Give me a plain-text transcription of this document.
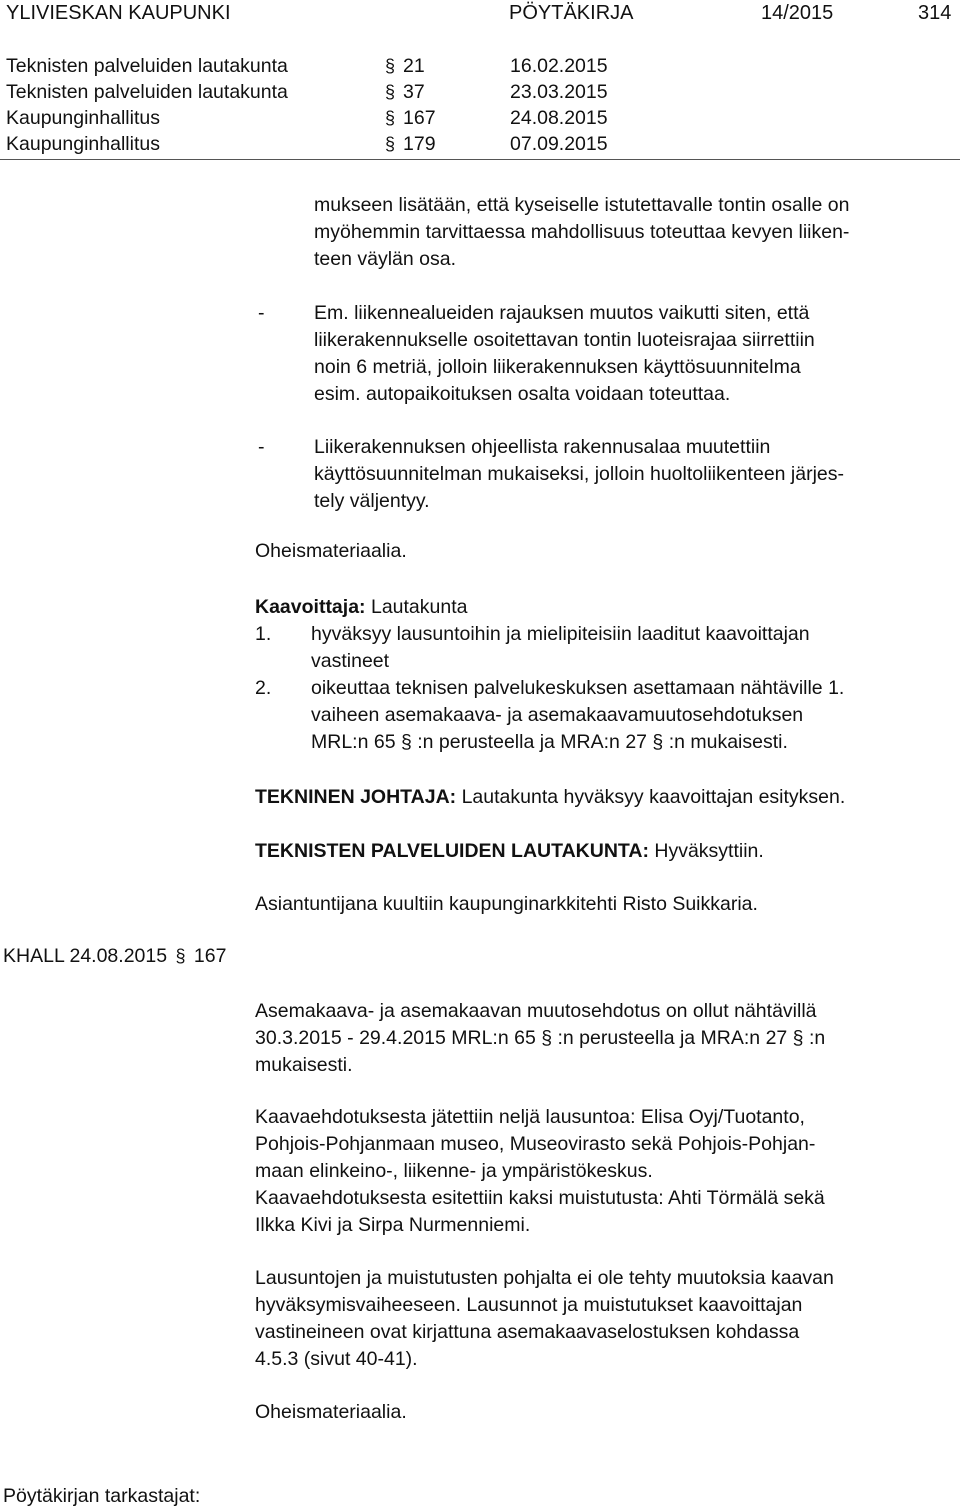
YLIVIESKAN KAUPUNKI	PÖYTÄKIRJA	14/2015	314
Teknisten palveluiden lautakunta	§ 21	16.02.2015
Teknisten palveluiden lautakunta	§ 37	23.03.2015
Kaupunginhallitus	§ 167	24.08.2015
Kaupunginhallitus	§ 179	07.09.2015
mukseen lisätään, että kyseiselle istutettavalle tontin osalle on
myöhemmin tarvittaessa mahdollisuus toteuttaa kevyen liiken-
teen väylän osa.
-	Em. liikennealueiden rajauksen muutos vaikutti siten, että
liikerakennukselle osoitettavan tontin luoteisrajaa siirrettiin
noin 6 metriä, jolloin liikerakennuksen käyttösuunnitelma
esim. autopaikoituksen osalta voidaan toteuttaa.
-	Liikerakennuksen ohjeellista rakennusalaa muutettiin
käyttösuunnitelman mukaiseksi, jolloin huoltoliikenteen järjes-
tely väljentyy.
Oheismateriaalia.
Kaavoittaja: Lautakunta
1. hyväksyy lausuntoihin ja mielipiteisiin laaditut kaavoittajan
vastineet
2. oikeuttaa teknisen palvelukeskuksen asettamaan nähtäville 1.
vaiheen asemakaava- ja asemakaavamuutosehdotuksen
MRL:n 65 § :n perusteella ja MRA:n 27 § :n mukaisesti.
TEKNINEN JOHTAJA: Lautakunta hyväksyy kaavoittajan esityksen.
TEKNISTEN PALVELUIDEN LAUTAKUNTA: Hyväksyttiin.
Asiantuntijana kuultiin kaupunginarkkitehti Risto Suikkaria.
KHALL 24.08.2015 § 167
Asemakaava- ja asemakaavan muutosehdotus on ollut nähtävillä
30.3.2015 - 29.4.2015 MRL:n 65 § :n perusteella ja MRA:n 27 § :n
mukaisesti.
Kaavaehdotuksesta jätettiin neljä lausuntoa: Elisa Oyj/Tuotanto,
Pohjois-Pohjanmaan museo, Museovirasto sekä Pohjois-Pohjan-
maan elinkeino-, liikenne- ja ympäristökeskus.
Kaavaehdotuksesta esitettiin kaksi muistutusta: Ahti Törmälä sekä
Ilkka Kivi ja Sirpa Nurmenniemi.
Lausuntojen ja muistutusten pohjalta ei ole tehty muutoksia kaavan
hyväksymisvaiheeseen. Lausunnot ja muistutukset kaavoittajan
vastineineen ovat kirjattuna asemakaavaselostuksen kohdassa
4.5.3 (sivut 40-41).
Oheismateriaalia.
Pöytäkirjan tarkastajat:
